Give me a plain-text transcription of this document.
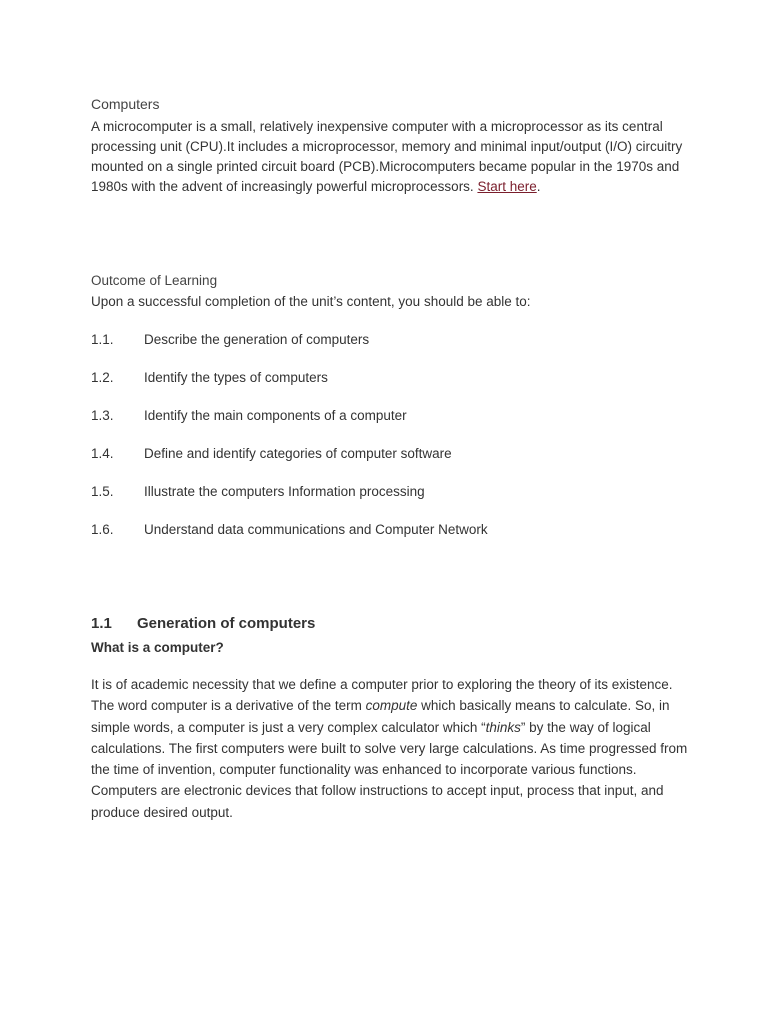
Computers
A microcomputer is a small, relatively inexpensive computer with a microprocessor as its central processing unit (CPU).It includes a microprocessor, memory and minimal input/output (I/O) circuitry mounted on a single printed circuit board (PCB).Microcomputers became popular in the 1970s and 1980s with the advent of increasingly powerful microprocessors. Start here.
Outcome of Learning
Upon a successful completion of the unit’s content, you should be able to:
1.1.	Describe the generation of computers
1.2.	Identify the types of computers
1.3.	Identify the main components of a computer
1.4.	Define and identify categories of computer software
1.5.	Illustrate the computers Information processing
1.6.	Understand data communications and Computer Network
1.1	Generation of computers
What is a computer?
It is of academic necessity that we define a computer prior to exploring the theory of its existence. The word computer is a derivative of the term compute which basically means to calculate. So, in simple words, a computer is just a very complex calculator which “thinks” by the way of logical calculations. The first computers were built to solve very large calculations. As time progressed from the time of invention, computer functionality was enhanced to incorporate various functions. Computers are electronic devices that follow instructions to accept input, process that input, and produce desired output.
